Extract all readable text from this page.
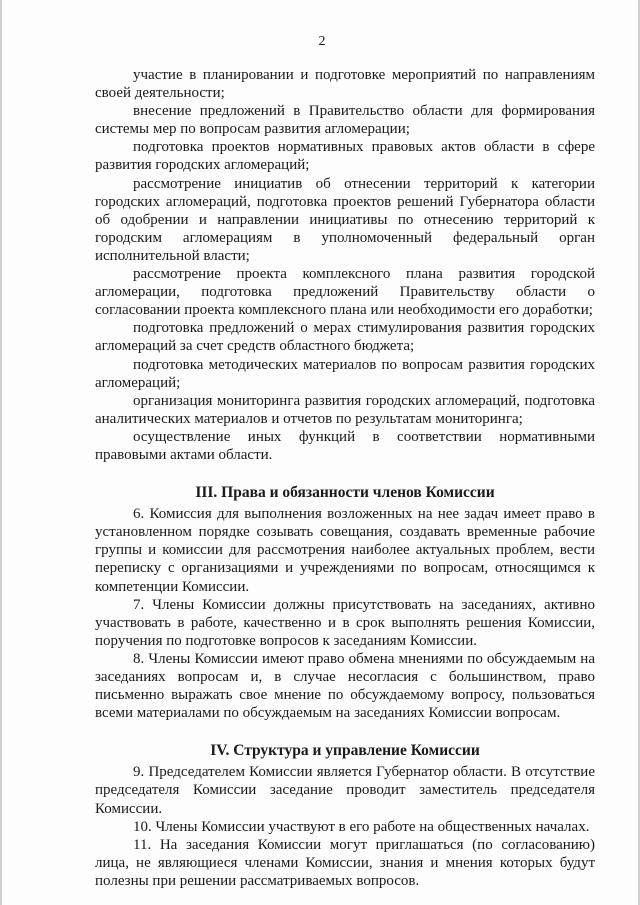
2

участие в планировании и подготовке мероприятий по направлениям своей деятельности;

внесение предложений в Правительство области для формирования системы мер по вопросам развития агломерации;

подготовка проектов нормативных правовых актов области в сфере развития городских агломераций;

рассмотрение инициатив об отнесении территорий к категории городских агломераций, подготовка проектов решений Губернатора области об одобрении и направлении инициативы по отнесению территорий к городским агломерациям в уполномоченный федеральный орган исполнительной власти;

рассмотрение проекта комплексного плана развития городской агломерации, подготовка предложений Правительству области о согласовании проекта комплексного плана или необходимости его доработки;

подготовка предложений о мерах стимулирования развития городских агломераций за счет средств областного бюджета;

подготовка методических материалов по вопросам развития городских агломераций;

организация мониторинга развития городских агломераций, подготовка аналитических материалов и отчетов по результатам мониторинга;

осуществление иных функций в соответствии нормативными правовыми актами области.

III. Права и обязанности членов Комиссии

6. Комиссия для выполнения возложенных на нее задач имеет право в установленном порядке созывать совещания, создавать временные рабочие группы и комиссии для рассмотрения наиболее актуальных проблем, вести переписку с организациями и учреждениями по вопросам, относящимся к компетенции Комиссии.

7. Члены Комиссии должны присутствовать на заседаниях, активно участвовать в работе, качественно и в срок выполнять решения Комиссии, поручения по подготовке вопросов к заседаниям Комиссии.

8. Члены Комиссии имеют право обмена мнениями по обсуждаемым на заседаниях вопросам и, в случае несогласия с большинством, право письменно выражать свое мнение по обсуждаемому вопросу, пользоваться всеми материалами по обсуждаемым на заседаниях Комиссии вопросам.

IV. Структура и управление Комиссии

9. Председателем Комиссии является Губернатор области. В отсутствие председателя Комиссии заседание проводит заместитель председателя Комиссии.

10. Члены Комиссии участвуют в его работе на общественных началах.

11. На заседания Комиссии могут приглашаться (по согласованию) лица, не являющиеся членами Комиссии, знания и мнения которых будут полезны при решении рассматриваемых вопросов.
